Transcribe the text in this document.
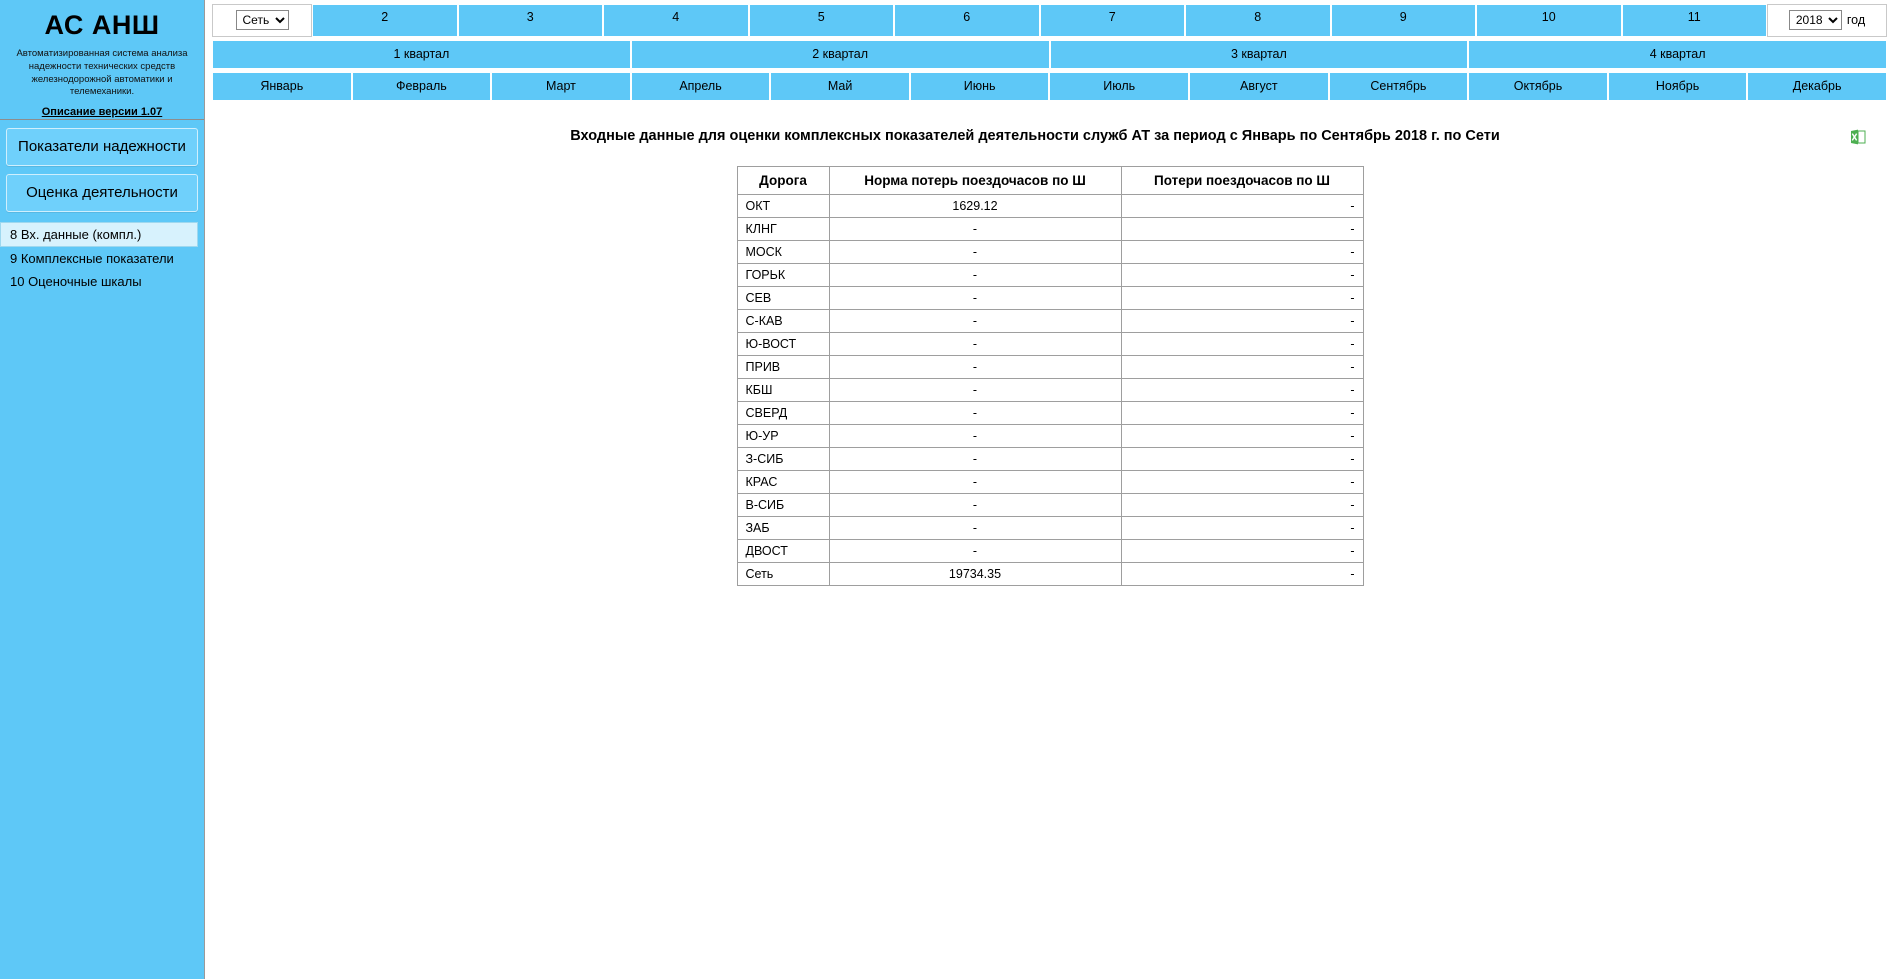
АС АНШ
Автоматизированная система анализа надежности технических средств железнодорожной автоматики и телемеханики.
Описание версии 1.07
Показатели надежности
Оценка деятельности
8 Вх. данные (компл.)
9 Комплексные показатели
10 Оценочные шкалы
Сеть
2	3	4	5	6	7	8	9	10	11
2018	год
1 квартал	2 квартал	3 квартал	4 квартал
Январь	Февраль	Март	Апрель	Май	Июнь	Июль	Август	Сентябрь	Октябрь	Ноябрь	Декабрь
Входные данные для оценки комплексных показателей деятельности служб АТ за период с Январь по Сентябрь 2018 г. по Сети
Дорога	Норма потерь поездочасов по Ш	Потери поездочасов по Ш
ОКТ	1629.12	-
КЛНГ	-	-
МОСК	-	-
ГОРЬК	-	-
СЕВ	-	-
С-КАВ	-	-
Ю-ВОСТ	-	-
ПРИВ	-	-
КБШ	-	-
СВЕРД	-	-
Ю-УР	-	-
З-СИБ	-	-
КРАС	-	-
В-СИБ	-	-
ЗАБ	-	-
ДВОСТ	-	-
Сеть	19734.35	-
